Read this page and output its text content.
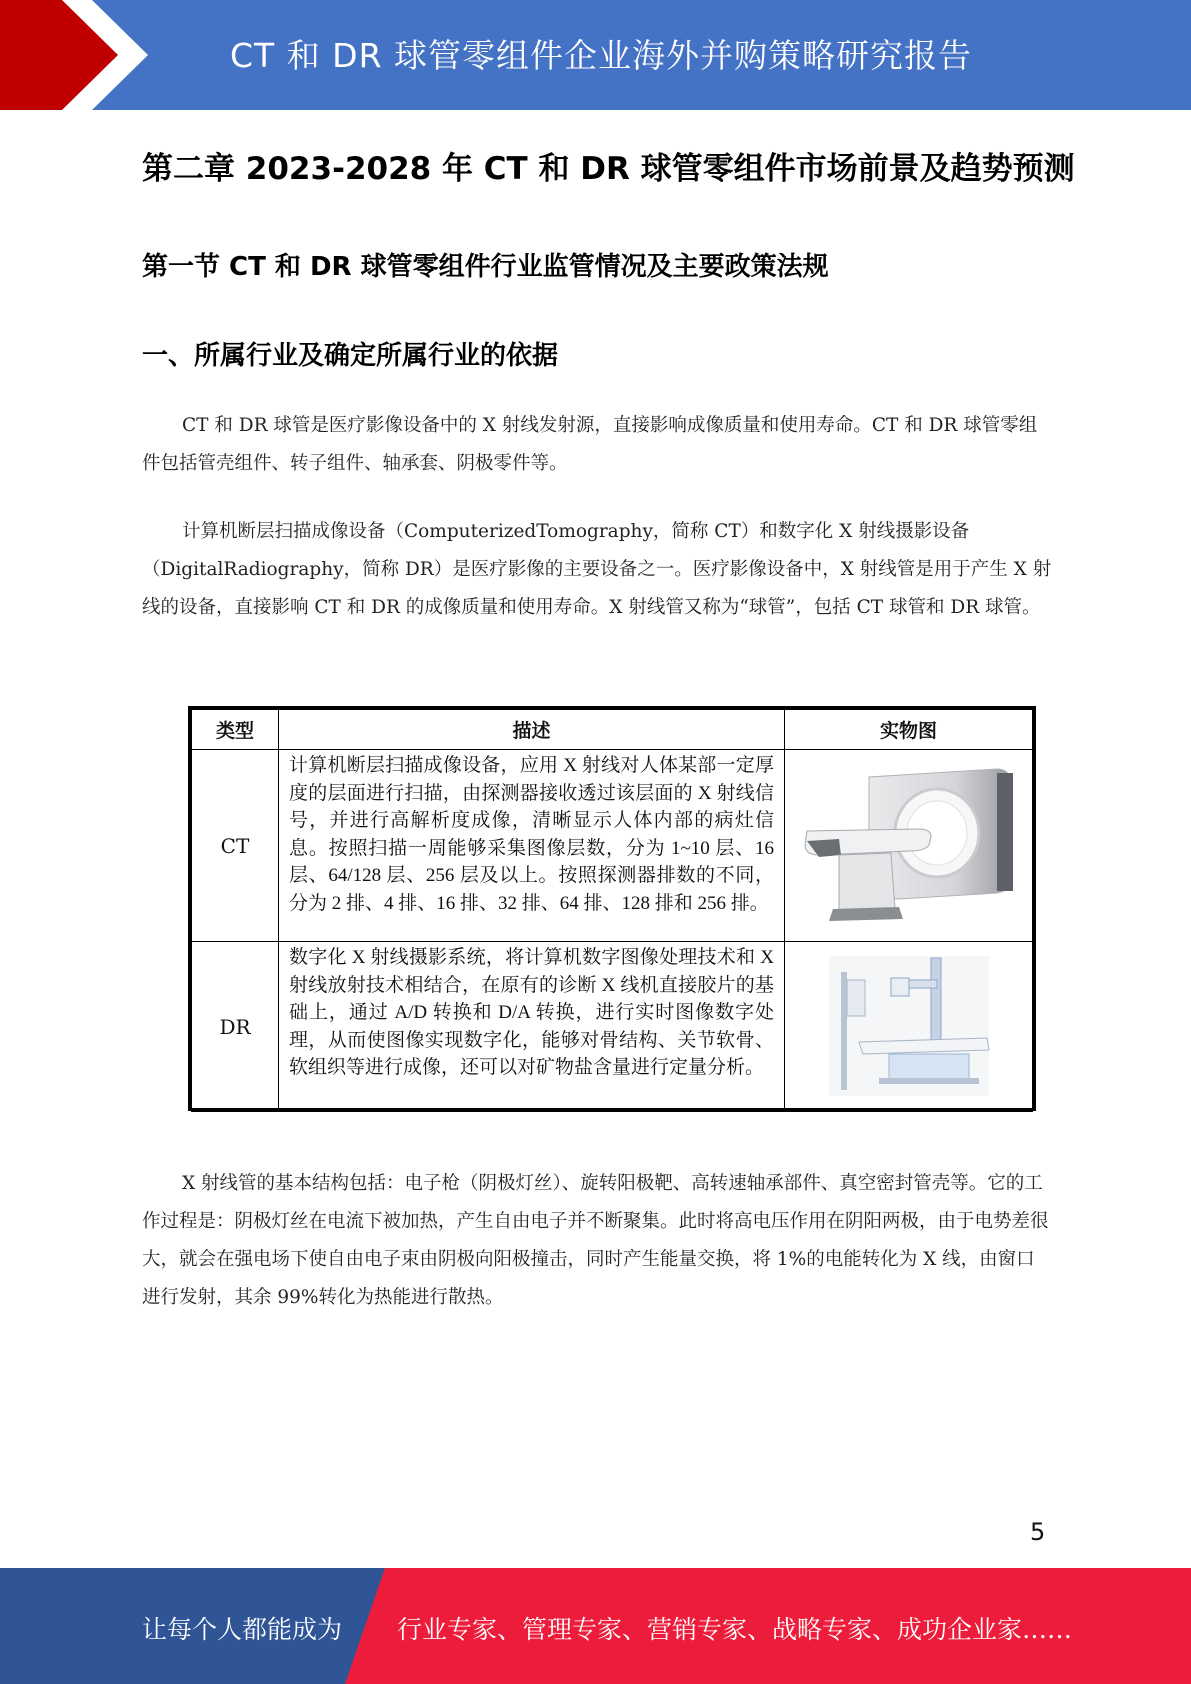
CT 和 DR 球管零组件企业海外并购策略研究报告
第二章 2023-2028 年 CT 和 DR 球管零组件市场前景及趋势预测
第一节 CT 和 DR 球管零组件行业监管情况及主要政策法规
一、所属行业及确定所属行业的依据

CT 和 DR 球管是医疗影像设备中的 X 射线发射源，直接影响成像质量和使用寿命。CT 和 DR 球管零组件包括管壳组件、转子组件、轴承套、阴极零件等。

计算机断层扫描成像设备（ComputerizedTomography，简称 CT）和数字化 X 射线摄影设备（DigitalRadiography，简称 DR）是医疗影像的主要设备之一。医疗影像设备中，X 射线管是用于产生 X 射线的设备，直接影响 CT 和 DR 的成像质量和使用寿命。X 射线管又称为“球管”，包括 CT 球管和 DR 球管。

类型	描述	实物图
CT	计算机断层扫描成像设备，应用 X 射线对人体某部一定厚度的层面进行扫描，由探测器接收透过该层面的 X 射线信号，并进行高解析度成像，清晰显示人体内部的病灶信息。按照扫描一周能够采集图像层数，分为 1~10 层、16 层、64/128 层、256 层及以上。按照探测器排数的不同，分为 2 排、4 排、16 排、32 排、64 排、128 排和 256 排。	
DR	数字化 X 射线摄影系统，将计算机数字图像处理技术和 X 射线放射技术相结合，在原有的诊断 X 线机直接胶片的基础上，通过 A/D 转换和 D/A 转换，进行实时图像数字处理，从而使图像实现数字化，能够对骨结构、关节软骨、软组织等进行成像，还可以对矿物盐含量进行定量分析。	

X 射线管的基本结构包括：电子枪（阴极灯丝）、旋转阳极靶、高转速轴承部件、真空密封管壳等。它的工作过程是：阴极灯丝在电流下被加热，产生自由电子并不断聚集。此时将高电压作用在阴阳两极，由于电势差很大，就会在强电场下使自由电子束由阴极向阳极撞击，同时产生能量交换，将 1%的电能转化为 X 线，由窗口进行发射，其余 99%转化为热能进行散热。

5
让每个人都能成为 行业专家、管理专家、营销专家、战略专家、成功企业家……
